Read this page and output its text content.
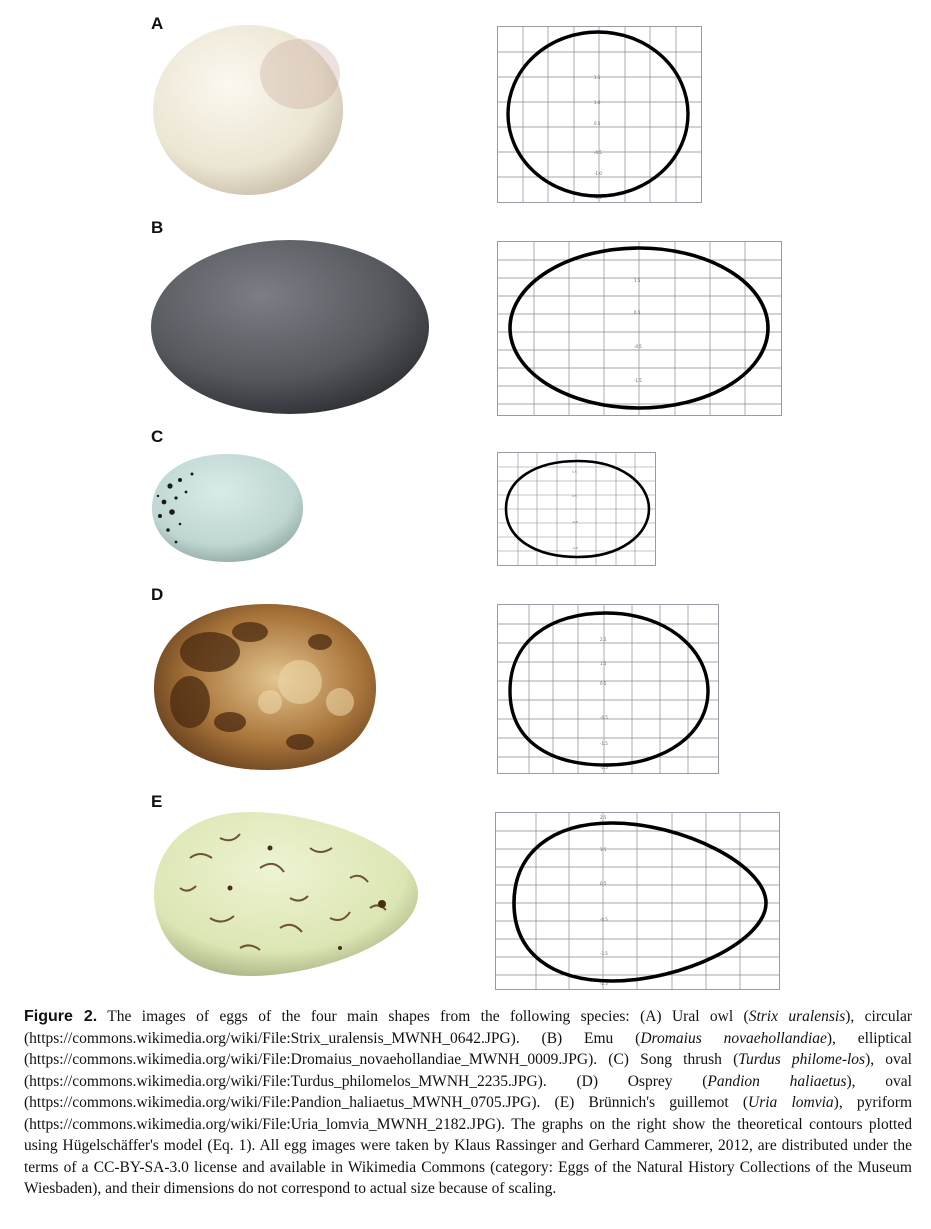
A
1.5
1.0
0.5
-0.5
-1.0
-1.5
B
1.5
0.5
-0.5
-1.5
C
1.5
0.5
-0.5
-1.5
D
2.5
1.5
0.5
-0.5
-1.5
-2.5
E
2.5
1.5
0.5
-0.5
-1.5
-2.5
Figure 2. The images of eggs of the four main shapes from the following species: (A) Ural owl (Strix uralensis), circular (https://commons.wikimedia.org/wiki/File:Strix_uralensis_MWNH_0642.JPG). (B) Emu (Dromaius novaehollandiae), elliptical (https://commons.wikimedia.org/wiki/File:Dromaius_novaehollandiae_MWNH_0009.JPG). (C) Song thrush (Turdus philome-los), oval (https://commons.wikimedia.org/wiki/File:Turdus_philomelos_MWNH_2235.JPG). (D) Osprey (Pandion haliaetus), oval (https://commons.wikimedia.org/wiki/File:Pandion_haliaetus_MWNH_0705.JPG). (E) Brünnich's guillemot (Uria lomvia), pyriform (https://commons.wikimedia.org/wiki/File:Uria_lomvia_MWNH_2182.JPG). The graphs on the right show the theoretical contours plotted using Hügelschäffer's model (Eq. 1). All egg images were taken by Klaus Rassinger and Gerhard Cammerer, 2012, are distributed under the terms of a CC-BY-SA-3.0 license and available in Wikimedia Commons (category: Eggs of the Natural History Collections of the Museum Wiesbaden), and their dimensions do not correspond to actual size because of scaling.
